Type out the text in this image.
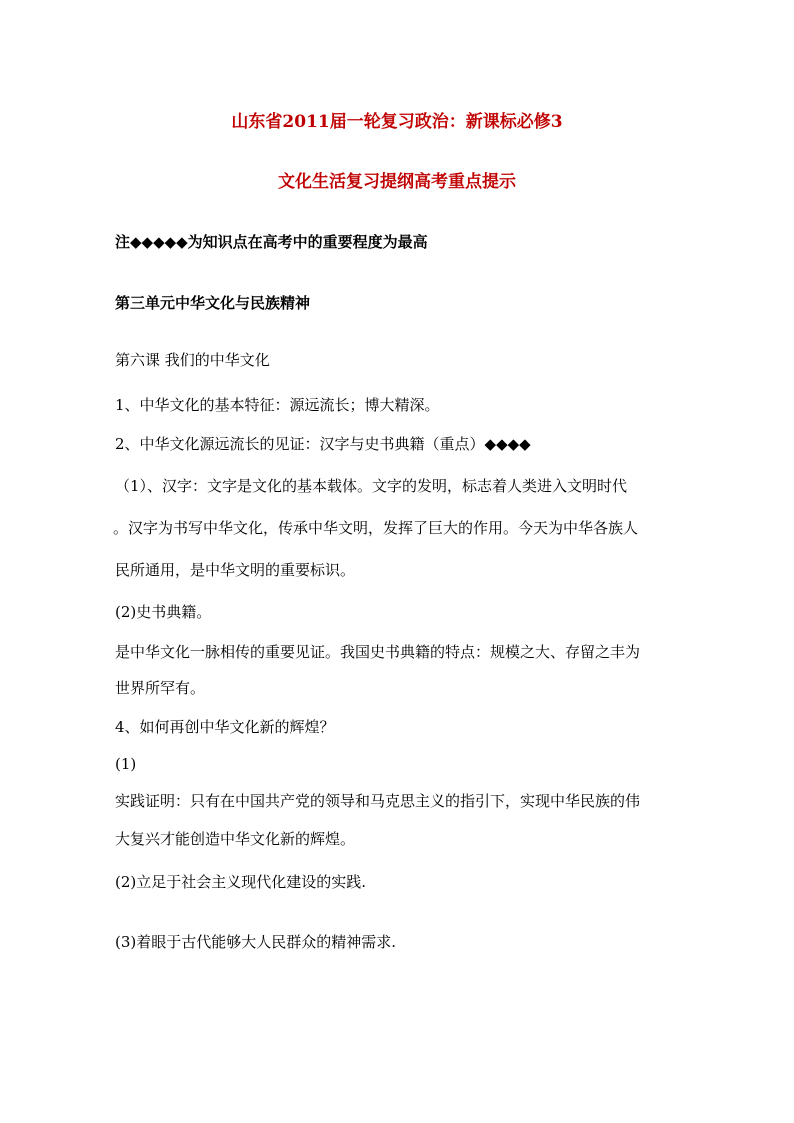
山东省2011届一轮复习政治：新课标必修3
文化生活复习提纲高考重点提示
注◆◆◆◆◆为知识点在高考中的重要程度为最高
第三单元中华文化与民族精神
第六课 我们的中华文化
1、中华文化的基本特征：源远流长；博大精深。
2、中华文化源远流长的见证：汉字与史书典籍（重点）◆◆◆◆
（1）、汉字：文字是文化的基本载体。文字的发明，标志着人类进入文明时代
。汉字为书写中华文化，传承中华文明，发挥了巨大的作用。今天为中华各族人
民所通用，是中华文明的重要标识。
(2)史书典籍。
是中华文化一脉相传的重要见证。我国史书典籍的特点：规模之大、存留之丰为
世界所罕有。
4、如何再创中华文化新的辉煌？
(1)
实践证明：只有在中国共产党的领导和马克思主义的指引下，实现中华民族的伟
大复兴才能创造中华文化新的辉煌。
(2)立足于社会主义现代化建设的实践.
(3)着眼于古代能够大人民群众的精神需求.
